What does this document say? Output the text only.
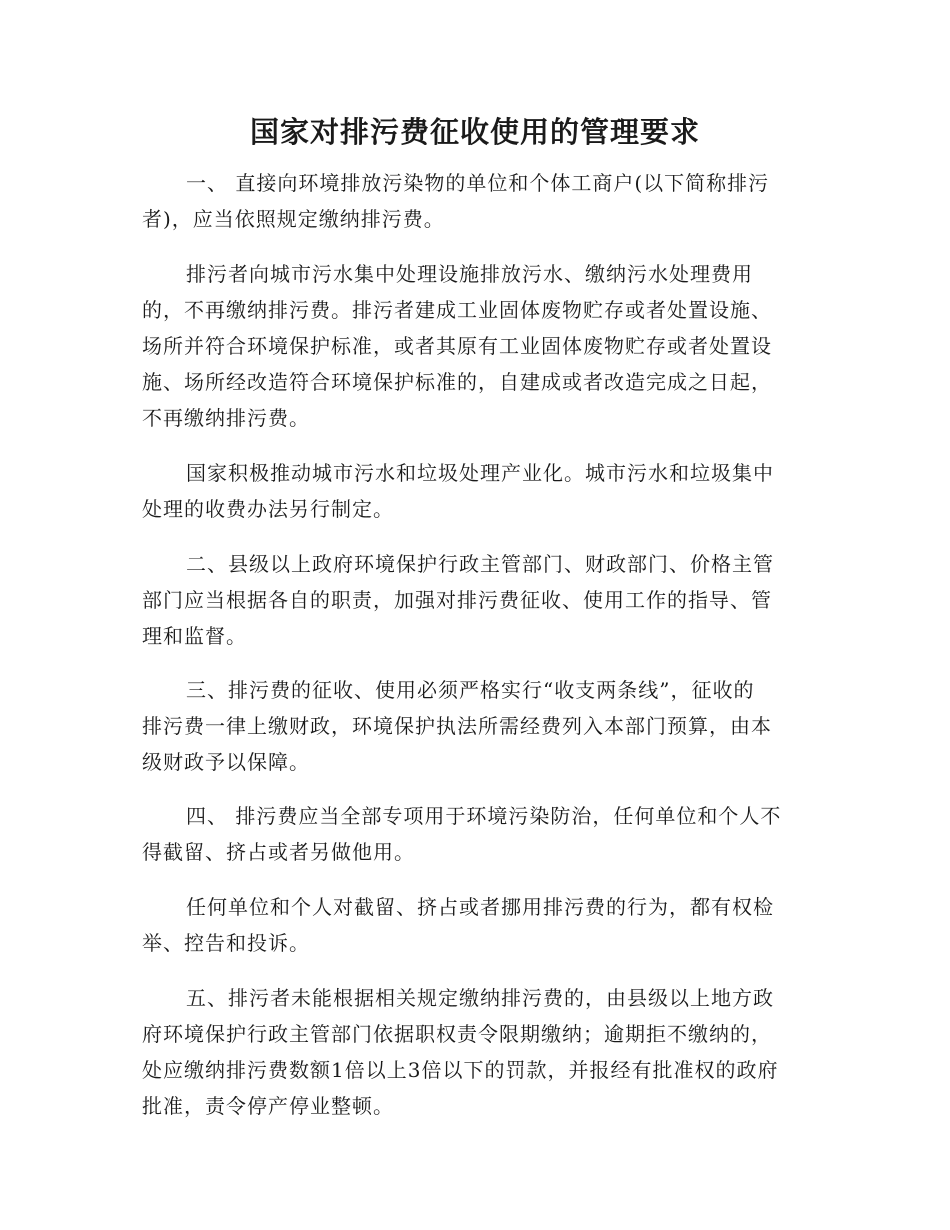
国家对排污费征收使用的管理要求
一、 直接向环境排放污染物的单位和个体工商户(以下简称排污
者)，应当依照规定缴纳排污费。
排污者向城市污水集中处理设施排放污水、缴纳污水处理费用
的，不再缴纳排污费。排污者建成工业固体废物贮存或者处置设施、
场所并符合环境保护标准，或者其原有工业固体废物贮存或者处置设
施、场所经改造符合环境保护标准的，自建成或者改造完成之日起，
不再缴纳排污费。
国家积极推动城市污水和垃圾处理产业化。城市污水和垃圾集中
处理的收费办法另行制定。
二、县级以上政府环境保护行政主管部门、财政部门、价格主管
部门应当根据各自的职责，加强对排污费征收、使用工作的指导、管
理和监督。
三、排污费的征收、使用必须严格实行“收支两条线”，征收的
排污费一律上缴财政，环境保护执法所需经费列入本部门预算，由本
级财政予以保障。
四、 排污费应当全部专项用于环境污染防治，任何单位和个人不
得截留、挤占或者另做他用。
任何单位和个人对截留、挤占或者挪用排污费的行为，都有权检
举、控告和投诉。
五、排污者未能根据相关规定缴纳排污费的，由县级以上地方政
府环境保护行政主管部门依据职权责令限期缴纳；逾期拒不缴纳的，
处应缴纳排污费数额1倍以上3倍以下的罚款，并报经有批准权的政府
批准，责令停产停业整顿。
